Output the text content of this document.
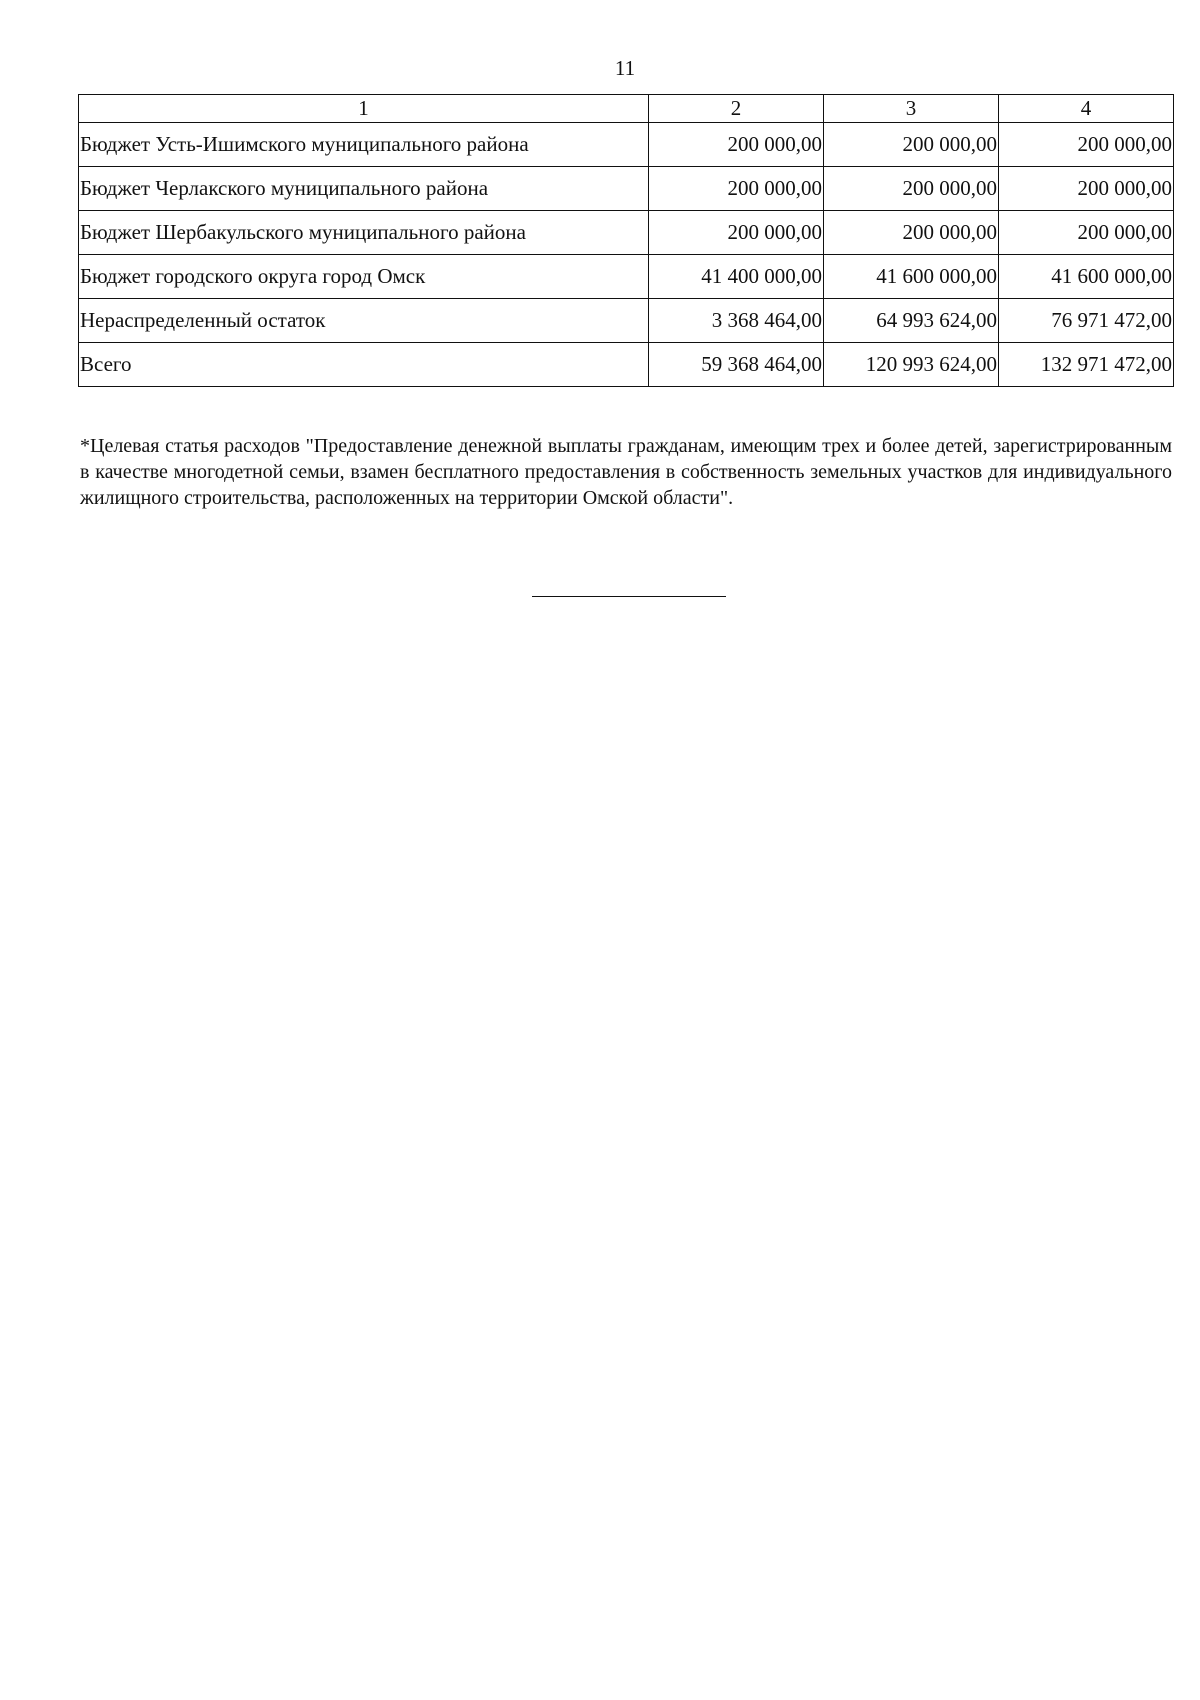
11
1	2	3	4
Бюджет Усть-Ишимского муниципального района	200 000,00	200 000,00	200 000,00
Бюджет Черлакского муниципального района	200 000,00	200 000,00	200 000,00
Бюджет Шербакульского муниципального района	200 000,00	200 000,00	200 000,00
Бюджет городского округа город Омск	41 400 000,00	41 600 000,00	41 600 000,00
Нераспределенный остаток	3 368 464,00	64 993 624,00	76 971 472,00
Всего	59 368 464,00	120 993 624,00	132 971 472,00

*Целевая статья расходов "Предоставление денежной выплаты гражданам, имеющим трех и более детей, зарегистрированным в качестве многодетной семьи, взамен бесплатного предоставления в собственность земельных участков для индивидуального жилищного строительства, расположенных на территории Омской области".
